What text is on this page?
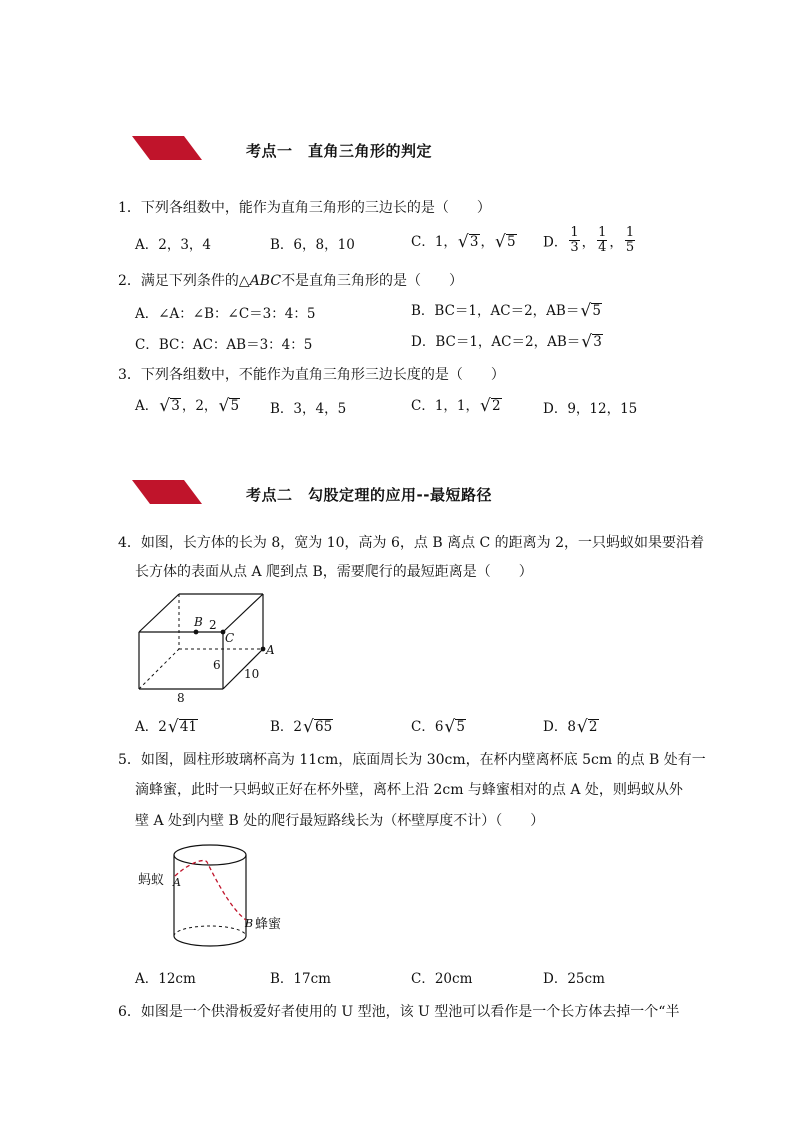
考点一　直角三角形的判定
1．下列各组数中，能作为直角三角形的三边长的是（　　）
A．2，3，4	B．6，8，10	C．1， √ 3 ， √ 5 D． $\frac{1}{3}$ ， $\frac{1}{4}$ ， $\frac{1}{5}$
2．满足下列条件的△ABC不是直角三角形的是（　　）
A．∠A：∠B：∠C＝3：4：5	B．BC＝1，AC＝2，AB＝ √ 5
C．BC：AC：AB＝3：4：5	D．BC＝1，AC＝2，AB＝ √ 3
3．下列各组数中，不能作为直角三角形三边长度的是（　　）
A． √ 3 ，2， √ 5 B．3，4，5	C．1，1， √ 2	D．9，12，15
考点二　勾股定理的应用--最短路径
4．如图，长方体的长为 8，宽为 10，高为 6，点 B 离点 C 的距离为 2，一只蚂蚁如果要沿着
长方体的表面从点 A 爬到点 B，需要爬行的最短距离是（　　）
B 2
C
A
6
10
8
A．2 √ 41	B．2 √ 65	C．6 √ 5	D．8 √ 2
5．如图，圆柱形玻璃杯高为 11cm，底面周长为 30cm，在杯内壁离杯底 5cm 的点 B 处有一
滴蜂蜜，此时一只蚂蚁正好在杯外壁，离杯上沿 2cm 与蜂蜜相对的点 A 处，则蚂蚁从外
壁 A 处到内壁 B 处的爬行最短路线长为（杯壁厚度不计）（　　）
蚂蚁 A
B 蜂蜜
A．12cm	B．17cm	C．20cm	D．25cm
6．如图是一个供滑板爱好者使用的 U 型池，该 U 型池可以看作是一个长方体去掉一个“半
